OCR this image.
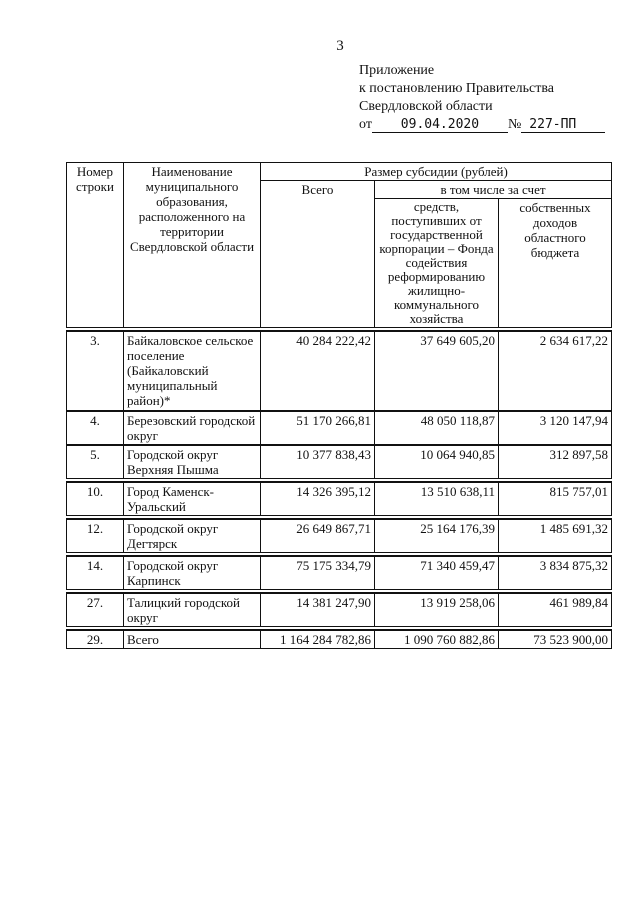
3
Приложение
к постановлению Правительства
Свердловской области
от 09.04.2020 № 227-ПП
Номер строки	Наименование муниципального образования, расположенного на территории Свердловской области	Размер субсидии (рублей)		
		Всего	в том числе за счет	
			средств, поступивших от государственной корпорации – Фонда содействия реформированию жилищно-коммунального хозяйства	собственных доходов областного бюджета

3.	Байкаловское сельское поселение (Байкаловский муниципальный район)*	40 284 222,42	37 649 605,20	2 634 617,22
4.	Березовский городской округ	51 170 266,81	48 050 118,87	3 120 147,94
5.	Городской округ Верхняя Пышма	10 377 838,43	10 064 940,85	312 897,58

10.	Город Каменск-Уральский	14 326 395,12	13 510 638,11	815 757,01

12.	Городской округ Дегтярск	26 649 867,71	25 164 176,39	1 485 691,32

14.	Городской округ Карпинск	75 175 334,79	71 340 459,47	3 834 875,32

27.	Талицкий городской округ	14 381 247,90	13 919 258,06	461 989,84

29.	Всего	1 164 284 782,86	1 090 760 882,86	73 523 900,00
